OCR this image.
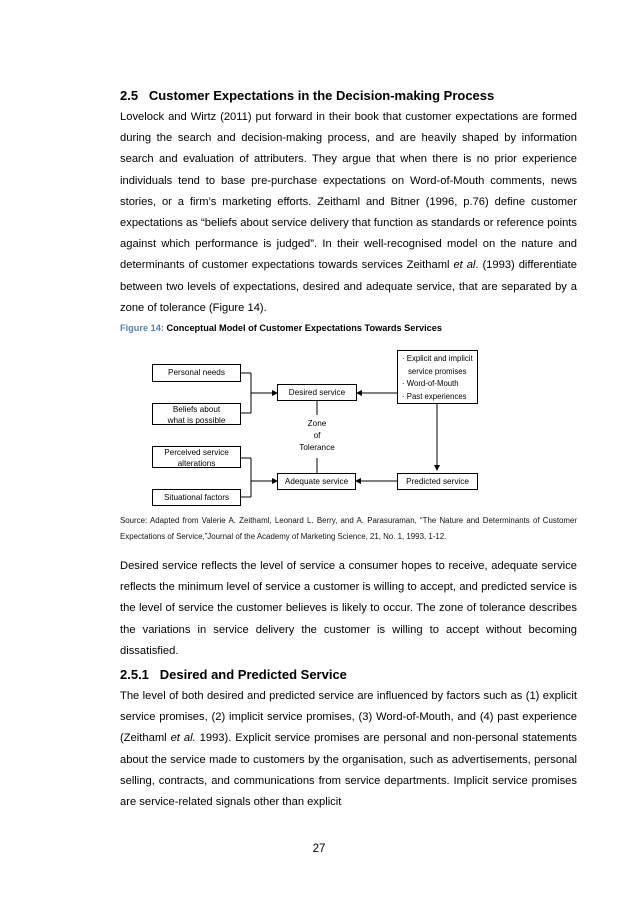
2.5 Customer Expectations in the Decision-making Process

Lovelock and Wirtz (2011) put forward in their book that customer expectations are formed during the search and decision-making process, and are heavily shaped by information search and evaluation of attributers. They argue that when there is no prior experience individuals tend to base pre-purchase expectations on Word-of-Mouth comments, news stories, or a firm’s marketing efforts. Zeithaml and Bitner (1996, p.76) define customer expectations as “beliefs about service delivery that function as standards or reference points against which performance is judged”. In their well-recognised model on the nature and determinants of customer expectations towards services Zeithaml et al. (1993) differentiate between two levels of expectations, desired and adequate service, that are separated by a zone of tolerance (Figure 14).

Figure 14: Conceptual Model of Customer Expectations Towards Services

Personal needs
Beliefs about
what is possible
Perceived service
alterations
Situational factors
Desired service
Zone
of
Tolerance
Adequate service
· Explicit and implicit
service promises
· Word-of-Mouth
· Past experiences
Predicted service

Source: Adapted from Valerie A. Zeithaml, Leonard L. Berry, and A. Parasuraman, “The Nature and Determinants of Customer Expectations of Service,”Journal of the Academy of Marketing Science, 21, No. 1, 1993, 1-12.

Desired service reflects the level of service a consumer hopes to receive, adequate service reflects the minimum level of service a customer is willing to accept, and predicted service is the level of service the customer believes is likely to occur. The zone of tolerance describes the variations in service delivery the customer is willing to accept without becoming dissatisfied.

2.5.1 Desired and Predicted Service

The level of both desired and predicted service are influenced by factors such as (1) explicit service promises, (2) implicit service promises, (3) Word-of-Mouth, and (4) past experience (Zeithaml et al. 1993). Explicit service promises are personal and non-personal statements about the service made to customers by the organisation, such as advertisements, personal selling, contracts, and communications from service departments. Implicit service promises are service-related signals other than explicit

27
